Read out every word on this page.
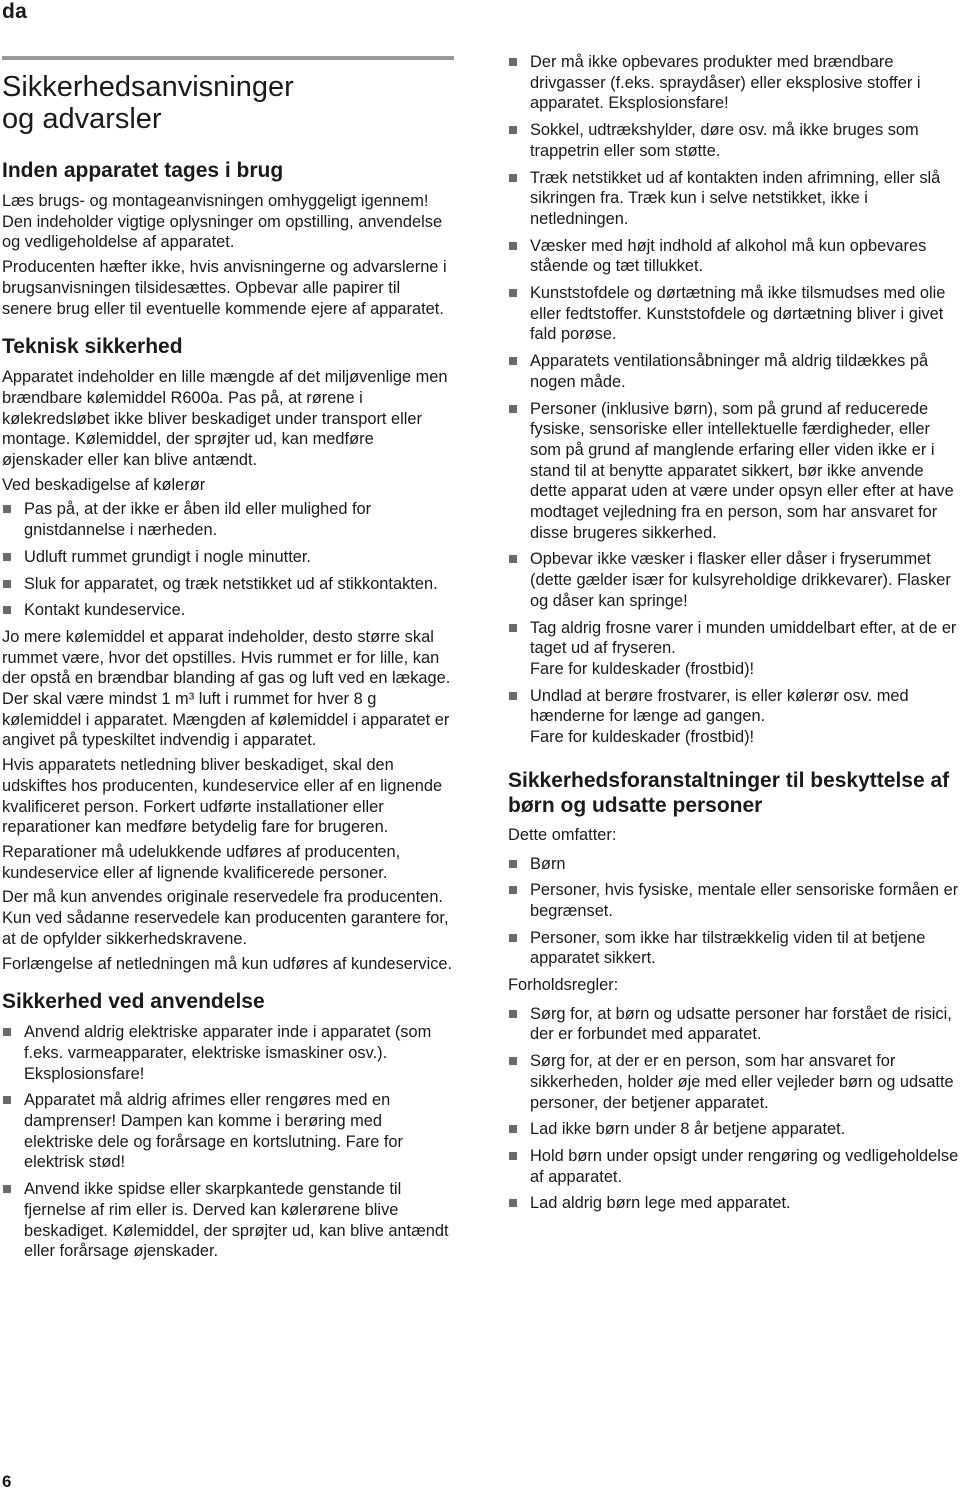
da
Sikkerhedsanvisninger
og advarsler
Inden apparatet tages i brug

Læs brugs- og montageanvisningen omhyggeligt igennem! Den indeholder vigtige oplysninger om opstilling, anvendelse og vedligeholdelse af apparatet.

Producenten hæfter ikke, hvis anvisningerne og advarslerne i brugsanvisningen tilsidesættes. Opbevar alle papirer til senere brug eller til eventuelle kommende ejere af apparatet.

Teknisk sikkerhed

Apparatet indeholder en lille mængde af det miljøvenlige men brændbare kølemiddel R600a. Pas på, at rørene i kølekredsløbet ikke bliver beskadiget under transport eller montage. Kølemiddel, der sprøjter ud, kan medføre øjenskader eller kan blive antændt.

Ved beskadigelse af kølerør

Pas på, at der ikke er åben ild eller mulighed for gnistdannelse i nærheden.
Udluft rummet grundigt i nogle minutter.
Sluk for apparatet, og træk netstikket ud af stikkontakten.
Kontakt kundeservice.

Jo mere kølemiddel et apparat indeholder, desto større skal rummet være, hvor det opstilles. Hvis rummet er for lille, kan der opstå en brændbar blanding af gas og luft ved en lækage.
Der skal være mindst 1 m³ luft i rummet for hver 8 g kølemiddel i apparatet. Mængden af kølemiddel i apparatet er angivet på typeskiltet indvendig i apparatet.

Hvis apparatets netledning bliver beskadiget, skal den udskiftes hos producenten, kundeservice eller af en lignende kvalificeret person. Forkert udførte installationer eller reparationer kan medføre betydelig fare for brugeren.

Reparationer må udelukkende udføres af producenten, kundeservice eller af lignende kvalificerede personer.

Der må kun anvendes originale reservedele fra producenten. Kun ved sådanne reservedele kan producenten garantere for, at de opfylder sikkerhedskravene.

Forlængelse af netledningen må kun udføres af kundeservice.

Sikkerhed ved anvendelse
Anvend aldrig elektriske apparater inde i apparatet (som f.eks. varmeapparater, elektriske ismaskiner osv.). Eksplosionsfare!
Apparatet må aldrig afrimes eller rengøres med en damprenser! Dampen kan komme i berøring med elektriske dele og forårsage en kortslutning. Fare for elektrisk stød!
Anvend ikke spidse eller skarpkantede genstande til fjernelse af rim eller is. Derved kan kølerørene blive beskadiget. Kølemiddel, der sprøjter ud, kan blive antændt eller forårsage øjenskader.
Der må ikke opbevares produkter med brændbare drivgasser (f.eks. spraydåser) eller eksplosive stoffer i apparatet. Eksplosionsfare!
Sokkel, udtrækshylder, døre osv. må ikke bruges som trappetrin eller som støtte.
Træk netstikket ud af kontakten inden afrimning, eller slå sikringen fra. Træk kun i selve netstikket, ikke i netledningen.
Væsker med højt indhold af alkohol må kun opbevares stående og tæt tillukket.
Kunststofdele og dørtætning må ikke tilsmudses med olie eller fedtstoffer. Kunststofdele og dørtætning bliver i givet fald porøse.
Apparatets ventilationsåbninger må aldrig tildækkes på nogen måde.
Personer (inklusive børn), som på grund af reducerede fysiske, sensoriske eller intellektuelle færdigheder, eller som på grund af manglende erfaring eller viden ikke er i stand til at benytte apparatet sikkert, bør ikke anvende dette apparat uden at være under opsyn eller efter at have modtaget vejledning fra en person, som har ansvaret for disse brugeres sikkerhed.
Opbevar ikke væsker i flasker eller dåser i fryserummet (dette gælder især for kulsyreholdige drikkevarer). Flasker og dåser kan springe!
Tag aldrig frosne varer i munden umiddelbart efter, at de er taget ud af fryseren.
Fare for kuldeskader (frostbid)!
Undlad at berøre frostvarer, is eller kølerør osv. med hænderne for længe ad gangen.
Fare for kuldeskader (frostbid)!
Sikkerhedsforanstaltninger til beskyttelse af børn og udsatte personer

Dette omfatter:

Børn
Personer, hvis fysiske, mentale eller sensoriske formåen er begrænset.
Personer, som ikke har tilstrækkelig viden til at betjene apparatet sikkert.

Forholdsregler:

Sørg for, at børn og udsatte personer har forstået de risici, der er forbundet med apparatet.
Sørg for, at der er en person, som har ansvaret for sikkerheden, holder øje med eller vejleder børn og udsatte personer, der betjener apparatet.
Lad ikke børn under 8 år betjene apparatet.
Hold børn under opsigt under rengøring og vedligeholdelse af apparatet.
Lad aldrig børn lege med apparatet.
6
